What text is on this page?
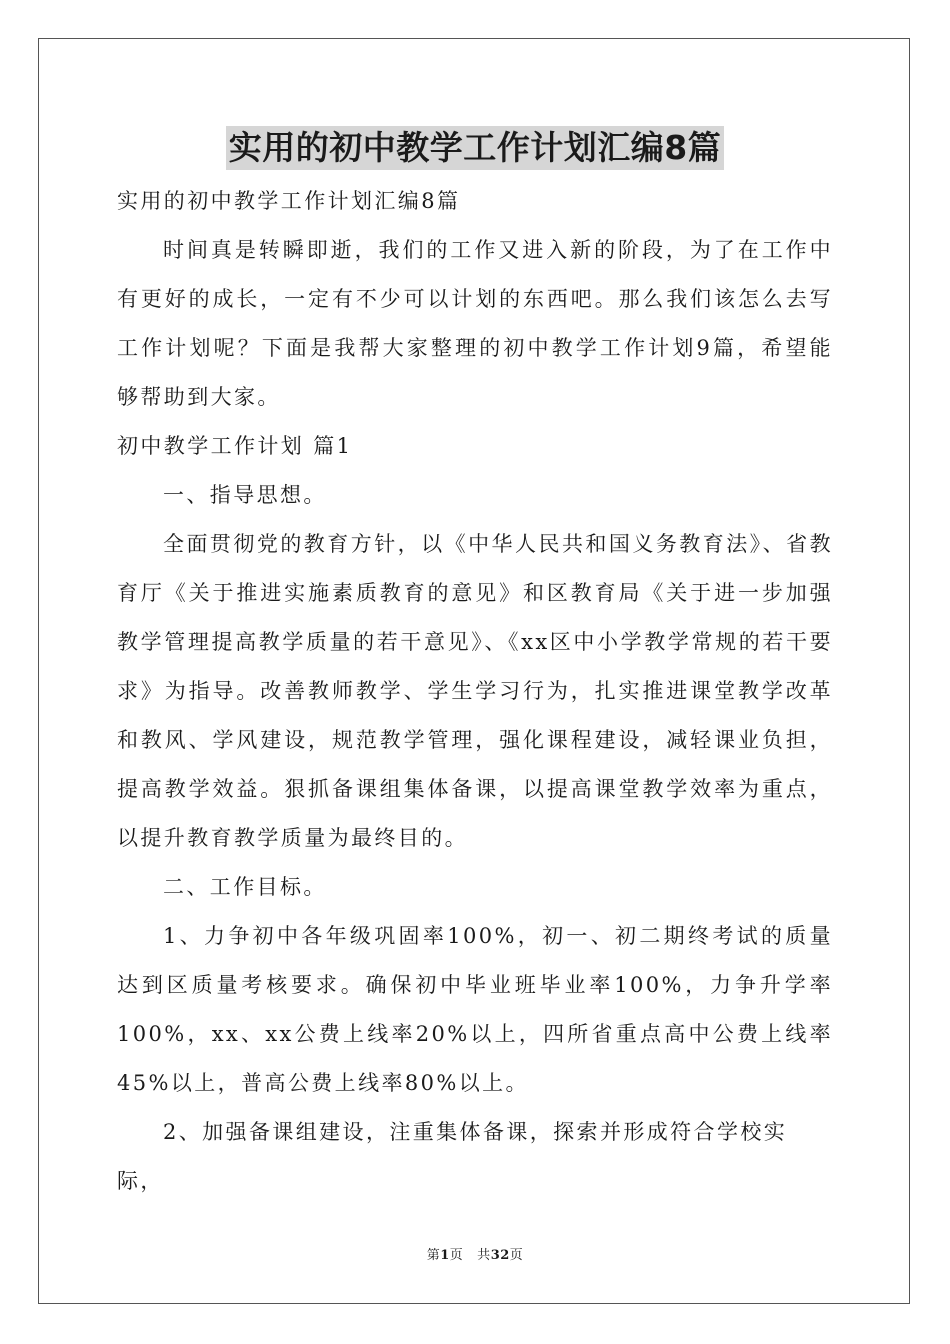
实用的初中教学工作计划汇编8篇

实用的初中教学工作计划汇编8篇

时间真是转瞬即逝，我们的工作又进入新的阶段，为了在工作中有更好的成长，一定有不少可以计划的东西吧。那么我们该怎么去写工作计划呢？下面是我帮大家整理的初中教学工作计划9篇，希望能够帮助到大家。

初中教学工作计划 篇1

一、指导思想。

全面贯彻党的教育方针，以《中华人民共和国义务教育法》、省教育厅《关于推进实施素质教育的意见》和区教育局《关于进一步加强教学管理提高教学质量的若干意见》、《xx区中小学教学常规的若干要求》为指导。改善教师教学、学生学习行为，扎实推进课堂教学改革和教风、学风建设，规范教学管理，强化课程建设，减轻课业负担，提高教学效益。狠抓备课组集体备课，以提高课堂教学效率为重点，以提升教育教学质量为最终目的。

二、工作目标。

1、力争初中各年级巩固率100%，初一、初二期终考试的质量达到区质量考核要求。确保初中毕业班毕业率100%，力争升学率100%，xx、xx公费上线率20%以上，四所省重点高中公费上线率45%以上，普高公费上线率80%以上。

2、加强备课组建设，注重集体备课，探索并形成符合学校实际，

第1页 共32页
